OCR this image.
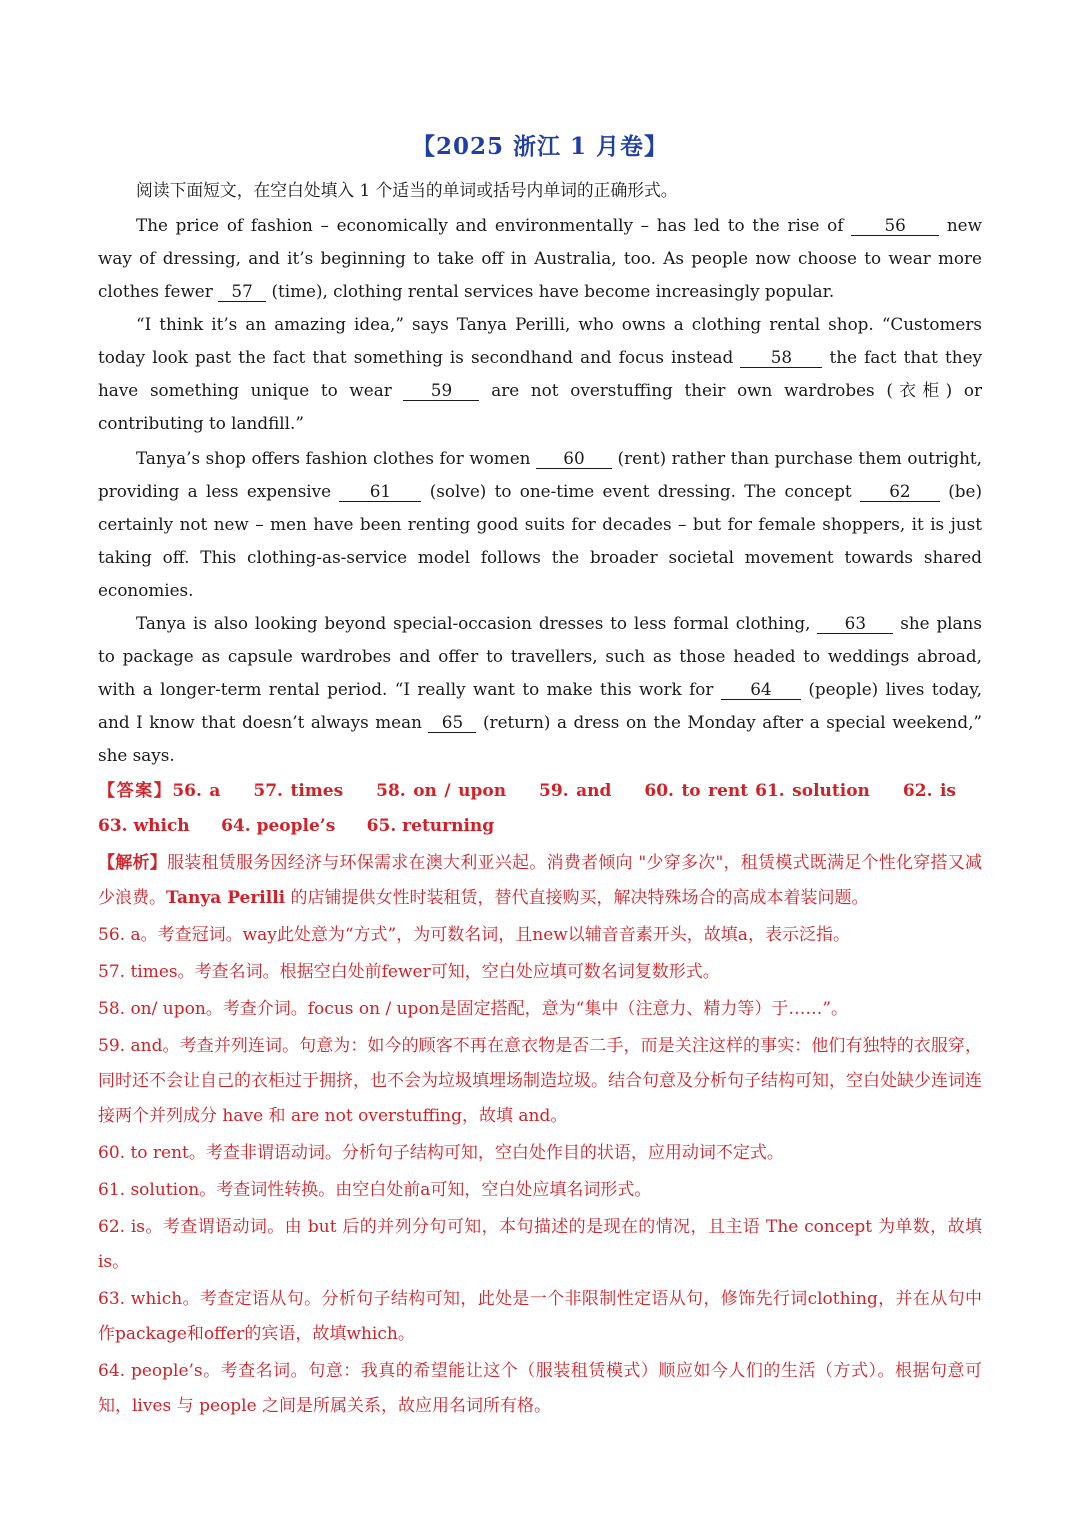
【2025 浙江 1 月卷】

阅读下面短文，在空白处填入 1 个适当的单词或括号内单词的正确形式。

The price of fashion – economically and environmentally – has led to the rise of 56 new way of dressing, and it’s beginning to take off in Australia, too. As people now choose to wear more clothes fewer 57 (time), clothing rental services have become increasingly popular.

“I think it’s an amazing idea,” says Tanya Perilli, who owns a clothing rental shop. “Customers today look past the fact that something is secondhand and focus instead 58 the fact that they have something unique to wear 59 are not overstuffing their own wardrobes (衣柜) or contributing to landfill.”

Tanya’s shop offers fashion clothes for women 60 (rent) rather than purchase them outright, providing a less expensive 61 (solve) to one-time event dressing. The concept 62 (be) certainly not new – men have been renting good suits for decades – but for female shoppers, it is just taking off. This clothing-as-service model follows the broader societal movement towards shared economies.

Tanya is also looking beyond special-occasion dresses to less formal clothing, 63 she plans to package as capsule wardrobes and offer to travellers, such as those headed to weddings abroad, with a longer-term rental period. “I really want to make this work for 64 (people) lives today, and I know that doesn’t always mean 65 (return) a dress on the Monday after a special weekend,” she says.

【答案】56. a 57. times 58. on / upon 59. and 60. to rent 61. solution 62. is 63. which 64. people’s 65. returning

【解析】服装租赁服务因经济与环保需求在澳大利亚兴起。消费者倾向 "少穿多次"，租赁模式既满足个性化穿搭又减少浪费。Tanya Perilli 的店铺提供女性时装租赁，替代直接购买，解决特殊场合的高成本着装问题。

56. a。考查冠词。way此处意为“方式”，为可数名词，且new以辅音音素开头，故填a，表示泛指。

57. times。考查名词。根据空白处前fewer可知，空白处应填可数名词复数形式。

58. on/ upon。考查介词。focus on / upon是固定搭配，意为“集中（注意力、精力等）于……”。

59. and。考查并列连词。句意为：如今的顾客不再在意衣物是否二手，而是关注这样的事实：他们有独特的衣服穿，同时还不会让自己的衣柜过于拥挤，也不会为垃圾填埋场制造垃圾。结合句意及分析句子结构可知，空白处缺少连词连接两个并列成分 have 和 are not overstuffing，故填 and。

60. to rent。考查非谓语动词。分析句子结构可知，空白处作目的状语，应用动词不定式。

61. solution。考查词性转换。由空白处前a可知，空白处应填名词形式。

62. is。考查谓语动词。由 but 后的并列分句可知，本句描述的是现在的情况，且主语 The concept 为单数，故填 is。

63. which。考查定语从句。分析句子结构可知，此处是一个非限制性定语从句，修饰先行词clothing，并在从句中作package和offer的宾语，故填which。

64. people’s。考查名词。句意：我真的希望能让这个（服装租赁模式）顺应如今人们的生活（方式）。根据句意可知，lives 与 people 之间是所属关系，故应用名词所有格。
